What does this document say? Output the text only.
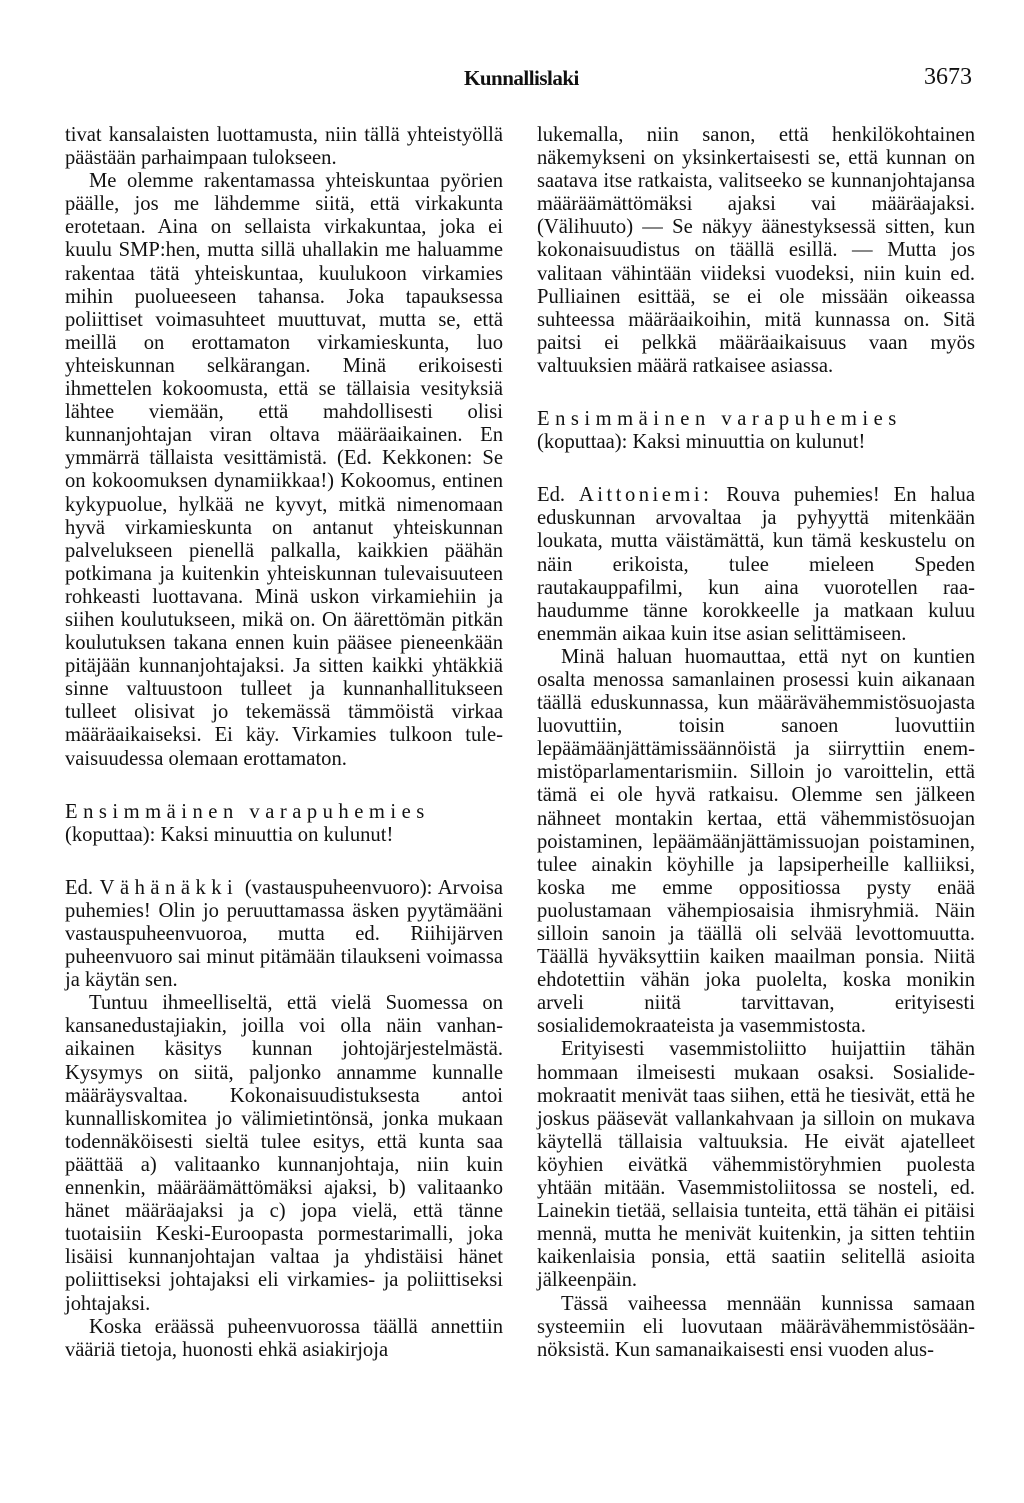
Kunnallislaki	3673

tivat kansalaisten luottamusta, niin tällä yhteistyöllä päästään parhaimpaan tulokseen.

Me olemme rakentamassa yhteiskuntaa pyörien päälle, jos me lähdemme siitä, että virkakunta erotetaan. Aina on sellaista virkakuntaa, joka ei kuulu SMP:hen, mutta sillä uhallakin me haluamme rakentaa tätä yhteiskuntaa, kuulukoon virkamies mihin puolueeseen tahansa. Joka tapauksessa poliittiset voimasuhteet muuttuvat, mutta se, että meillä on erottamaton virkamieskunta, luo yhteiskunnan selkärangan. Minä erikoisesti ihmettelen kokoomusta, että se tällaisia vesityksiä lähtee viemään, että mahdollisesti olisi kunnanjohtajan viran oltava määräaikainen. En ymmärrä tällaista vesittämistä. (Ed. Kekkonen: Se on kokoomuksen dynamiikkaa!) Kokoomus, entinen kykypuolue, hylkää ne kyvyt, mitkä nimenomaan hyvä virkamieskunta on antanut yhteiskunnan palvelukseen pienellä palkalla, kaikkien päähän potkimana ja kuitenkin yhteiskunnan tulevaisuuteen rohkeasti luottavana. Minä uskon virkamiehiin ja siihen koulutukseen, mikä on. On äärettömän pitkän koulutuksen takana ennen kuin pääsee pieneenkään pitäjään kunnanjohtajaksi. Ja sitten kaikki yhtäkkiä sinne valtuustoon tulleet ja kunnanhallitukseen tulleet olisivat jo tekemässä tämmöistä virkaa määräaikaiseksi. Ei käy. Virkamies tulkoon tulevaisuudessa olemaan erottamaton.

Ensimmäinen varapuhemies
(koputtaa): Kaksi minuuttia on kulunut!

Ed. Vähänäkki (vastauspuheenvuoro): Arvoisa puhemies! Olin jo peruuttamassa äsken pyytämääni vastauspuheenvuoroa, mutta ed. Riihijärven puheenvuoro sai minut pitämään tilaukseni voimassa ja käytän sen.

Tuntuu ihmeelliseltä, että vielä Suomessa on kansanedustajiakin, joilla voi olla näin vanhanaikainen käsitys kunnan johtojärjestelmästä. Kysymys on siitä, paljonko annamme kunnalle määräysvaltaa. Kokonaisuudistuksesta antoi kunnalliskomitea jo välimietintönsä, jonka mukaan todennäköisesti sieltä tulee esitys, että kunta saa päättää a) valitaanko kunnanjohtaja, niin kuin ennenkin, määräämättömäksi ajaksi, b) valitaanko hänet määräajaksi ja c) jopa vielä, että tänne tuotaisiin Keski-Euroopasta pormestarimalli, joka lisäisi kunnanjohtajan valtaa ja yhdistäisi hänet poliittiseksi johtajaksi eli virkamies- ja poliittiseksi johtajaksi.

Koska eräässä puheenvuorossa täällä annettiin vääriä tietoja, huonosti ehkä asiakirjoja

lukemalla, niin sanon, että henkilökohtainen näkemykseni on yksinkertaisesti se, että kunnan on saatava itse ratkaista, valitseeko se kunnanjohtajansa määräämättömäksi ajaksi vai määräajaksi. (Välihuuto) — Se näkyy äänestyksessä sitten, kun kokonaisuudistus on täällä esillä. — Mutta jos valitaan vähintään viideksi vuodeksi, niin kuin ed. Pulliainen esittää, se ei ole missään oikeassa suhteessa määräaikoihin, mitä kunnassa on. Sitä paitsi ei pelkkä määräaikaisuus vaan myös valtuuksien määrä ratkaisee asiassa.

Ensimmäinen varapuhemies
(koputtaa): Kaksi minuuttia on kulunut!

Ed. Aittoniemi: Rouva puhemies! En halua eduskunnan arvovaltaa ja pyhyyttä mitenkään loukata, mutta väistämättä, kun tämä keskustelu on näin erikoista, tulee mieleen Speden rautakauppafilmi, kun aina vuorotellen raahaudumme tänne korokkeelle ja matkaan kuluu enemmän aikaa kuin itse asian selittämiseen.

Minä haluan huomauttaa, että nyt on kuntien osalta menossa samanlainen prosessi kuin aikanaan täällä eduskunnassa, kun määrävähemmistösuojasta luovuttiin, toisin sanoen luovuttiin lepäämäänjättämissäännöistä ja siirryttiin enemmistöparlamentarismiin. Silloin jo varoittelin, että tämä ei ole hyvä ratkaisu. Olemme sen jälkeen nähneet montakin kertaa, että vähemmistösuojan poistaminen, lepäämäänjättämissuojan poistaminen, tulee ainakin köyhille ja lapsiperheille kalliiksi, koska me emme oppositiossa pysty enää puolustamaan vähempiosaisia ihmisryhmiä. Näin silloin sanoin ja täällä oli selvää levottomuutta. Täällä hyväksyttiin kaiken maailman ponsia. Niitä ehdotettiin vähän joka puolelta, koska monikin arveli niitä tarvittavan, erityisesti sosialidemokraateista ja vasemmistosta.

Erityisesti vasemmistoliitto huijattiin tähän hommaan ilmeisesti mukaan osaksi. Sosialidemokraatit menivät taas siihen, että he tiesivät, että he joskus pääsevät vallankahvaan ja silloin on mukava käytellä tällaisia valtuuksia. He eivät ajatelleet köyhien eivätkä vähemmistöryhmien puolesta yhtään mitään. Vasemmistoliitossa se nosteli, ed. Lainekin tietää, sellaisia tunteita, että tähän ei pitäisi mennä, mutta he menivät kuitenkin, ja sitten tehtiin kaikenlaisia ponsia, että saatiin selitellä asioita jälkeenpäin.

Tässä vaiheessa mennään kunnissa samaan systeemiin eli luovutaan määrävähemmistösäännöksistä. Kun samanaikaisesti ensi vuoden alus-
